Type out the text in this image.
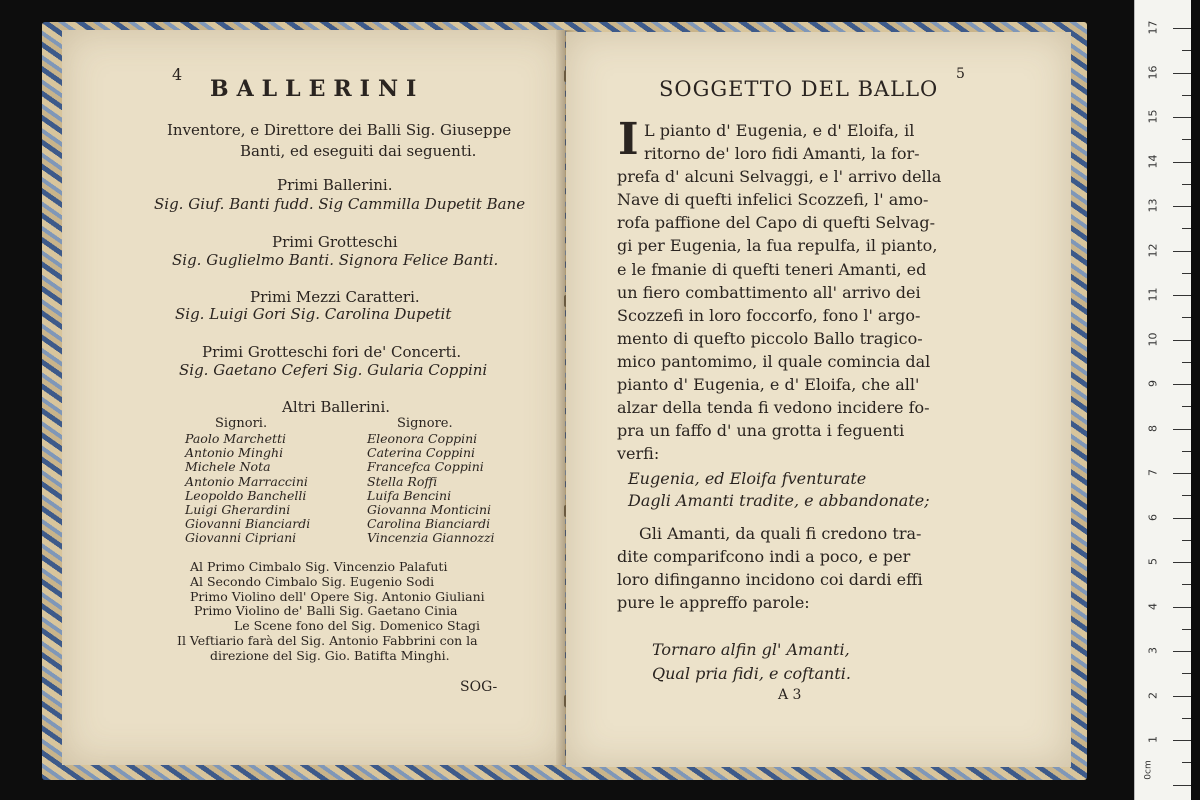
4
BALLERINI
Inventore, e Direttore dei Balli Sig. Giuseppe
Banti, ed eseguiti dai seguenti.
Primi Ballerini.
Sig. Giuf. Banti fudd. Sig Cammilla Dupetit Bane
Primi Grotteschi
Sig. Guglielmo Banti. Signora Felice Banti.
Primi Mezzi Caratteri.
Sig. Luigi Gori Sig. Carolina Dupetit
Primi Grotteschi fori de' Concerti.
Sig. Gaetano Ceferi Sig. Gularia Coppini
Altri Ballerini.
Signori.	Signore.
Paolo Marchetti
Antonio Minghi
Michele Nota
Antonio Marraccini
Leopoldo Banchelli
Luigi Gherardini
Giovanni Bianciardi
Giovanni Cipriani
Eleonora Coppini
Caterina Coppini
Francefca Coppini
Stella Roffi
Luifa Bencini
Giovanna Monticini
Carolina Bianciardi
Vincenzia Giannozzi
Al Primo Cimbalo Sig. Vincenzio Palafuti
Al Secondo Cimbalo Sig. Eugenio Sodi
Primo Violino dell' Opere Sig. Antonio Giuliani
Primo Violino de' Balli Sig. Gaetano Cinia
Le Scene fono del Sig. Domenico Stagi
Il Veftiario farà del Sig. Antonio Fabbrini con la
direzione del Sig. Gio. Batifta Minghi.
SOG-
SOGGETTO DEL BALLO
5
I L pianto d' Eugenia, e d' Eloifa, il
ritorno de' loro fidi Amanti, la for-
prefa d' alcuni Selvaggi, e l' arrivo della
Nave di quefti infelici Scozzefi, l' amo-
rofa paffione del Capo di quefti Selvag-
gi per Eugenia, la fua repulfa, il pianto,
e le fmanie di quefti teneri Amanti, ed
un fiero combattimento all' arrivo dei
Scozzefi in loro foccorfo, fono l' argo-
mento di quefto piccolo Ballo tragico-
mico pantomimo, il quale comincia dal
pianto d' Eugenia, e d' Eloifa, che all'
alzar della tenda fi vedono incidere fo-
pra un faffo d' una grotta i feguenti
verfi:
Eugenia, ed Eloifa fventurate
Dagli Amanti tradite, e abbandonate;
Gli Amanti, da quali fi credono tra-
dite comparifcono indi a poco, e per
loro difinganno incidono coi dardi effi
pure le appreffo parole:
Tornaro alfin gl' Amanti,
Qual pria fidi, e coftanti.
A 3
0cm
17
16
15
14
13
12
11
10
9
8
7
6
5
4
3
2
1
